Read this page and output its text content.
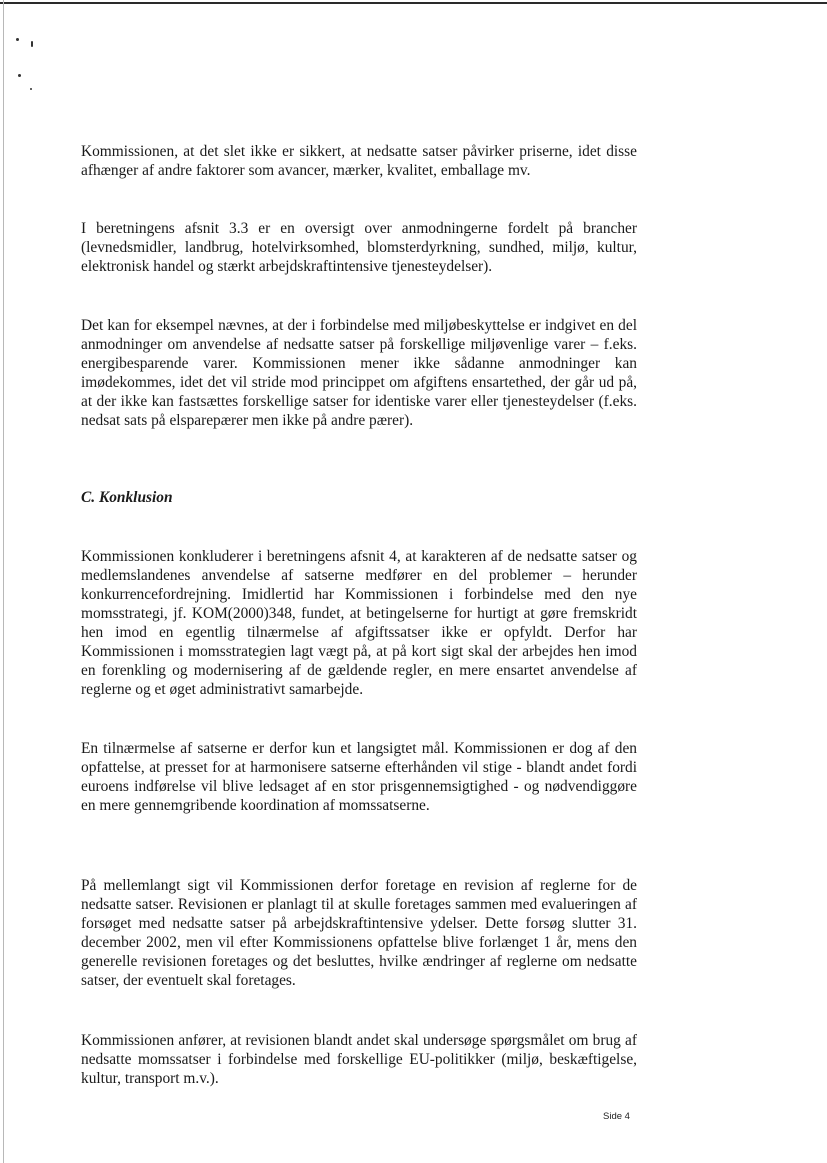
Kommissionen, at det slet ikke er sikkert, at nedsatte satser påvirker priserne, idet disse afhænger af andre faktorer som avancer, mærker, kvalitet, emballage mv.

I beretningens afsnit 3.3 er en oversigt over anmodningerne fordelt på brancher (levnedsmidler, landbrug, hotelvirksomhed, blomsterdyrkning, sundhed, miljø, kultur, elektronisk handel og stærkt arbejdskraftintensive tjenesteydelser).

Det kan for eksempel nævnes, at der i forbindelse med miljøbeskyttelse er indgivet en del anmodninger om anvendelse af nedsatte satser på forskellige miljøvenlige varer – f.eks. energibesparende varer. Kommissionen mener ikke sådanne anmodninger kan imødekommes, idet det vil stride mod princippet om afgiftens ensartethed, der går ud på, at der ikke kan fastsættes forskellige satser for identiske varer eller tjenesteydelser (f.eks. nedsat sats på elsparepærer men ikke på andre pærer).

C. Konklusion

Kommissionen konkluderer i beretningens afsnit 4, at karakteren af de nedsatte satser og medlemslandenes anvendelse af satserne medfører en del problemer – herunder konkurrencefordrejning. Imidlertid har Kommissionen i forbindelse med den nye momsstrategi, jf. KOM(2000)348, fundet, at betingelserne for hurtigt at gøre fremskridt hen imod en egentlig tilnærmelse af afgiftssatser ikke er opfyldt. Derfor har Kommissionen i momsstrategien lagt vægt på, at på kort sigt skal der arbejdes hen imod en forenkling og modernisering af de gældende regler, en mere ensartet anvendelse af reglerne og et øget administrativt samarbejde.

En tilnærmelse af satserne er derfor kun et langsigtet mål. Kommissionen er dog af den opfattelse, at presset for at harmonisere satserne efterhånden vil stige - blandt andet fordi euroens indførelse vil blive ledsaget af en stor prisgennemsigtighed - og nødvendiggøre en mere gennemgribende koordination af momssatserne.

På mellemlangt sigt vil Kommissionen derfor foretage en revision af reglerne for de nedsatte satser. Revisionen er planlagt til at skulle foretages sammen med evalueringen af forsøget med nedsatte satser på arbejdskraftintensive ydelser. Dette forsøg slutter 31. december 2002, men vil efter Kommissionens opfattelse blive forlænget 1 år, mens den generelle revisionen foretages og det besluttes, hvilke ændringer af reglerne om nedsatte satser, der eventuelt skal foretages.

Kommissionen anfører, at revisionen blandt andet skal undersøge spørgsmålet om brug af nedsatte momssatser i forbindelse med forskellige EU-politikker (miljø, beskæftigelse, kultur, transport m.v.).

Side 4
